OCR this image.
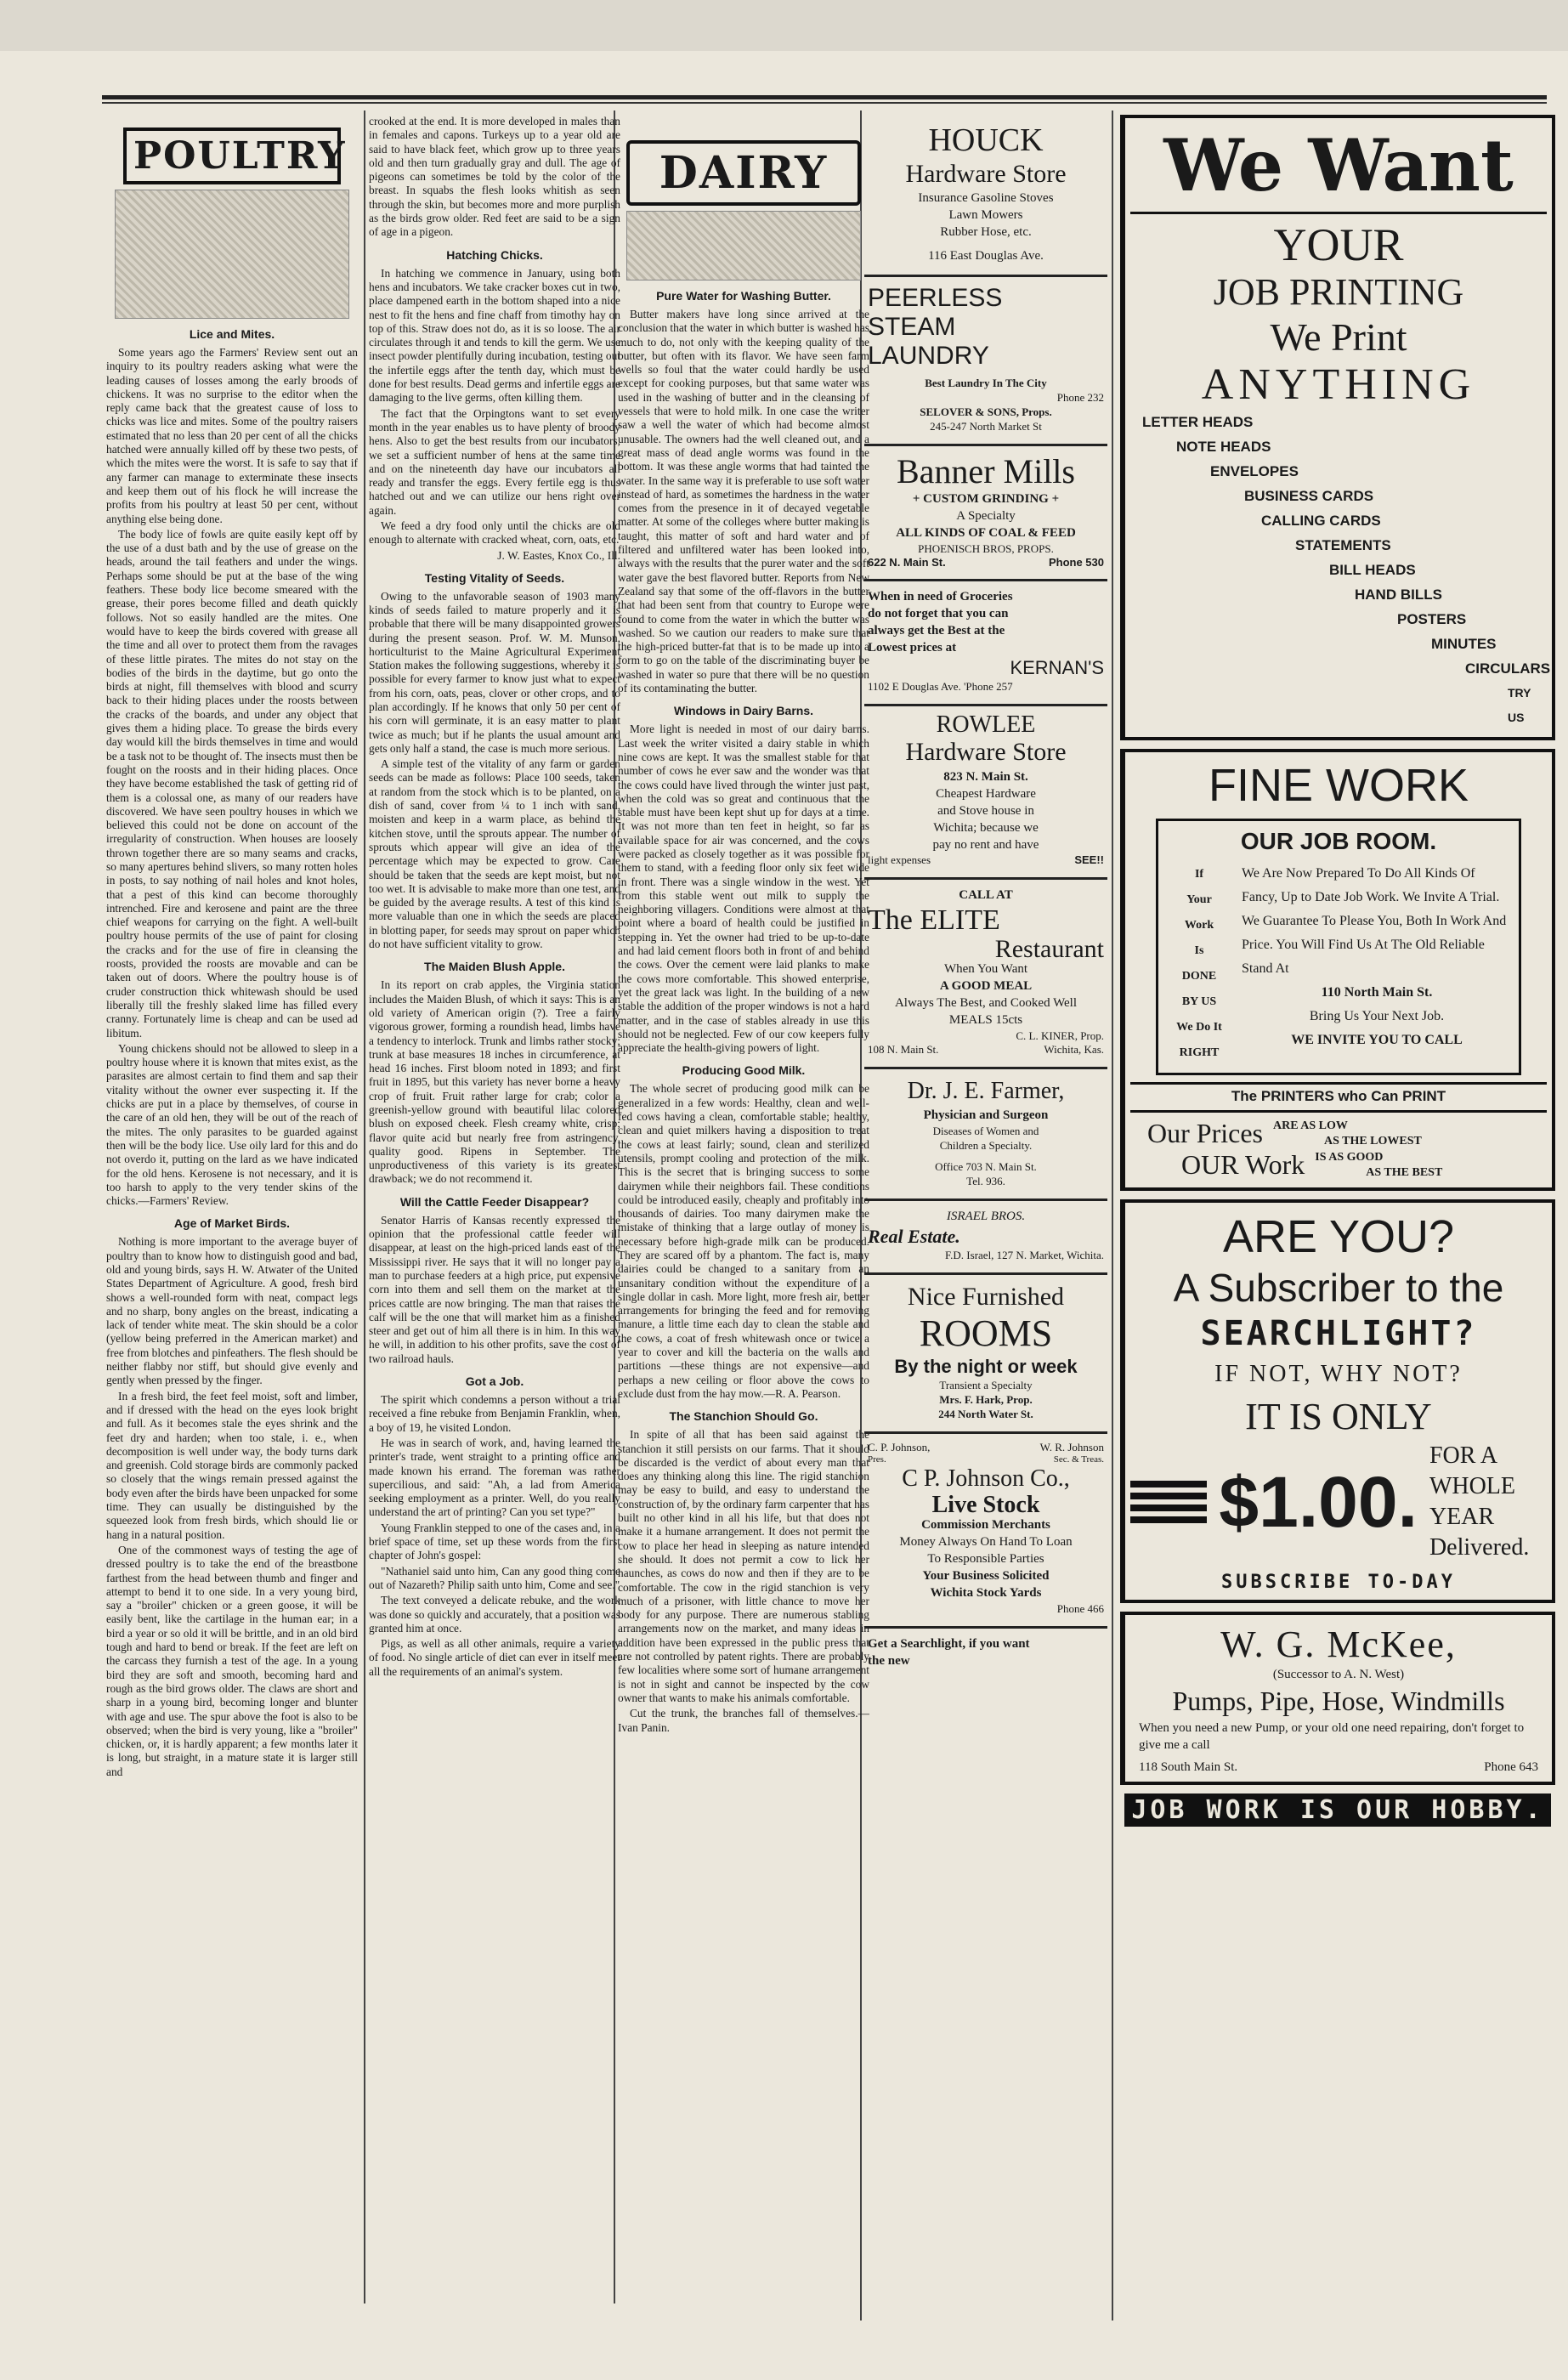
POULTRY
Lice and Mites.

Some years ago the Farmers' Review sent out an inquiry to its poultry readers asking what were the leading causes of losses among the early broods of chickens. It was no surprise to the editor when the reply came back that the greatest cause of loss to chicks was lice and mites. Some of the poultry raisers estimated that no less than 20 per cent of all the chicks hatched were annually killed off by these two pests, of which the mites were the worst. It is safe to say that if any farmer can manage to exterminate these insects and keep them out of his flock he will increase the profits from his poultry at least 50 per cent, without anything else being done.

The body lice of fowls are quite easily kept off by the use of a dust bath and by the use of grease on the heads, around the tail feathers and under the wings. Perhaps some should be put at the base of the wing feathers. These body lice become smeared with the grease, their pores become filled and death quickly follows. Not so easily handled are the mites. One would have to keep the birds covered with grease all the time and all over to protect them from the ravages of these little pirates. The mites do not stay on the bodies of the birds in the daytime, but go onto the birds at night, fill themselves with blood and scurry back to their hiding places under the roosts between the cracks of the boards, and under any object that gives them a hiding place. To grease the birds every day would kill the birds themselves in time and would be a task not to be thought of. The insects must then be fought on the roosts and in their hiding places. Once they have become established the task of getting rid of them is a colossal one, as many of our readers have discovered. We have seen poultry houses in which we believed this could not be done on account of the irregularity of construction. When houses are loosely thrown together there are so many seams and cracks, so many apertures behind slivers, so many rotten holes in posts, to say nothing of nail holes and knot holes, that a pest of this kind can become thoroughly intrenched. Fire and kerosene and paint are the three chief weapons for carrying on the fight. A well-built poultry house permits of the use of paint for closing the cracks and for the use of fire in cleansing the roosts, provided the roosts are movable and can be taken out of doors. Where the poultry house is of cruder construction thick whitewash should be used liberally till the freshly slaked lime has filled every cranny. Fortunately lime is cheap and can be used ad libitum.

Young chickens should not be allowed to sleep in a poultry house where it is known that mites exist, as the parasites are almost certain to find them and sap their vitality without the owner ever suspecting it. If the chicks are put in a place by themselves, of course in the care of an old hen, they will be out of the reach of the mites. The only parasites to be guarded against then will be the body lice. Use oily lard for this and do not overdo it, putting on the lard as we have indicated for the old hens. Kerosene is not necessary, and it is too harsh to apply to the very tender skins of the chicks.—Farmers' Review.

Age of Market Birds.

Nothing is more important to the average buyer of poultry than to know how to distinguish good and bad, old and young birds, says H. W. Atwater of the United States Department of Agriculture. A good, fresh bird shows a well-rounded form with neat, compact legs and no sharp, bony angles on the breast, indicating a lack of tender white meat. The skin should be a color (yellow being preferred in the American market) and free from blotches and pinfeathers. The flesh should be neither flabby nor stiff, but should give evenly and gently when pressed by the finger.

In a fresh bird, the feet feel moist, soft and limber, and if dressed with the head on the eyes look bright and full. As it becomes stale the eyes shrink and the feet dry and harden; when too stale, i. e., when decomposition is well under way, the body turns dark and greenish. Cold storage birds are commonly packed so closely that the wings remain pressed against the body even after the birds have been unpacked for some time. They can usually be distinguished by the squeezed look from fresh birds, which should lie or hang in a natural position.

One of the commonest ways of testing the age of dressed poultry is to take the end of the breastbone farthest from the head between thumb and finger and attempt to bend it to one side. In a very young bird, say a "broiler" chicken or a green goose, it will be easily bent, like the cartilage in the human ear; in a bird a year or so old it will be brittle, and in an old bird tough and hard to bend or break. If the feet are left on the carcass they furnish a test of the age. In a young bird they are soft and smooth, becoming hard and rough as the bird grows older. The claws are short and sharp in a young bird, becoming longer and blunter with age and use. The spur above the foot is also to be observed; when the bird is very young, like a "broiler" chicken, or, it is hardly apparent; a few months later it is long, but straight, in a mature state it is larger still and

crooked at the end. It is more developed in males than in females and capons. Turkeys up to a year old are said to have black feet, which grow up to three years old and then turn gradually gray and dull. The age of pigeons can sometimes be told by the color of the breast. In squabs the flesh looks whitish as seen through the skin, but becomes more and more purplish as the birds grow older. Red feet are said to be a sign of age in a pigeon.

Hatching Chicks.

In hatching we commence in January, using both hens and incubators. We take cracker boxes cut in two, place dampened earth in the bottom shaped into a nice nest to fit the hens and fine chaff from timothy hay on top of this. Straw does not do, as it is so loose. The air circulates through it and tends to kill the germ. We use insect powder plentifully during incubation, testing out the infertile eggs after the tenth day, which must be done for best results. Dead germs and infertile eggs are damaging to the live germs, often killing them.

The fact that the Orpingtons want to set every month in the year enables us to have plenty of broody hens. Also to get the best results from our incubators, we set a sufficient number of hens at the same time and on the nineteenth day have our incubators all ready and transfer the eggs. Every fertile egg is thus hatched out and we can utilize our hens right over again.

We feed a dry food only until the chicks are old enough to alternate with cracked wheat, corn, oats, etc.

J. W. Eastes, Knox Co., Ill.
Testing Vitality of Seeds.

Owing to the unfavorable season of 1903 many kinds of seeds failed to mature properly and it is probable that there will be many disappointed growers during the present season. Prof. W. M. Munson, horticulturist to the Maine Agricultural Experiment Station makes the following suggestions, whereby it is possible for every farmer to know just what to expect from his corn, oats, peas, clover or other crops, and to plan accordingly. If he knows that only 50 per cent of his corn will germinate, it is an easy matter to plant twice as much; but if he plants the usual amount and gets only half a stand, the case is much more serious.

A simple test of the vitality of any farm or garden seeds can be made as follows: Place 100 seeds, taken at random from the stock which is to be planted, on a dish of sand, cover from ¼ to 1 inch with sand, moisten and keep in a warm place, as behind the kitchen stove, until the sprouts appear. The number of sprouts which appear will give an idea of the percentage which may be expected to grow. Care should be taken that the seeds are kept moist, but not too wet. It is advisable to make more than one test, and be guided by the average results. A test of this kind is more valuable than one in which the seeds are placed in blotting paper, for seeds may sprout on paper which do not have sufficient vitality to grow.

The Maiden Blush Apple.

In its report on crab apples, the Virginia station includes the Maiden Blush, of which it says: This is an old variety of American origin (?). Tree a fairly vigorous grower, forming a roundish head, limbs have a tendency to interlock. Trunk and limbs rather stocky; trunk at base measures 18 inches in circumference, at head 16 inches. First bloom noted in 1893; and first fruit in 1895, but this variety has never borne a heavy crop of fruit. Fruit rather large for crab; color a greenish-yellow ground with beautiful lilac colored blush on exposed cheek. Flesh creamy white, crisp; flavor quite acid but nearly free from astringency, quality good. Ripens in September. The unproductiveness of this variety is its greatest drawback; we do not recommend it.

Will the Cattle Feeder Disappear?

Senator Harris of Kansas recently expressed the opinion that the professional cattle feeder will disappear, at least on the high-priced lands east of the Mississippi river. He says that it will no longer pay a man to purchase feeders at a high price, put expensive corn into them and sell them on the market at the prices cattle are now bringing. The man that raises the calf will be the one that will market him as a finished steer and get out of him all there is in him. In this way he will, in addition to his other profits, save the cost of two railroad hauls.

Got a Job.

The spirit which condemns a person without a trial received a fine rebuke from Benjamin Franklin, when, a boy of 19, he visited London.

He was in search of work, and, having learned the printer's trade, went straight to a printing office and made known his errand. The foreman was rather supercilious, and said: "Ah, a lad from America seeking employment as a printer. Well, do you really understand the art of printing? Can you set type?"

Young Franklin stepped to one of the cases and, in a brief space of time, set up these words from the first chapter of John's gospel:

"Nathaniel said unto him, Can any good thing come out of Nazareth? Philip saith unto him, Come and see."

The text conveyed a delicate rebuke, and the work was done so quickly and accurately, that a position was granted him at once.

Pigs, as well as all other animals, require a variety of food. No single article of diet can ever in itself meet all the requirements of an animal's system.

DAIRY
Pure Water for Washing Butter.

Butter makers have long since arrived at the conclusion that the water in which butter is washed has much to do, not only with the keeping quality of the butter, but often with its flavor. We have seen farm wells so foul that the water could hardly be used except for cooking purposes, but that same water was used in the washing of butter and in the cleansing of vessels that were to hold milk. In one case the writer saw a well the water of which had become almost unusable. The owners had the well cleaned out, and a great mass of dead angle worms was found in the bottom. It was these angle worms that had tainted the water. In the same way it is preferable to use soft water instead of hard, as sometimes the hardness in the water comes from the presence in it of decayed vegetable matter. At some of the colleges where butter making is taught, this matter of soft and hard water and of filtered and unfiltered water has been looked into, always with the results that the purer water and the soft water gave the best flavored butter. Reports from New Zealand say that some of the off-flavors in the butter that had been sent from that country to Europe were found to come from the water in which the butter was washed. So we caution our readers to make sure that the high-priced butter-fat that is to be made up into a form to go on the table of the discriminating buyer be washed in water so pure that there will be no question of its contaminating the butter.

Windows in Dairy Barns.

More light is needed in most of our dairy barns. Last week the writer visited a dairy stable in which nine cows are kept. It was the smallest stable for that number of cows he ever saw and the wonder was that the cows could have lived through the winter just past, when the cold was so great and continuous that the stable must have been kept shut up for days at a time. It was not more than ten feet in height, so far as available space for air was concerned, and the cows were packed as closely together as it was possible for them to stand, with a feeding floor only six feet wide in front. There was a single window in the west. Yet from this stable went out milk to supply the neighboring villagers. Conditions were almost at that point where a board of health could be justified in stepping in. Yet the owner had tried to be up-to-date and had laid cement floors both in front of and behind the cows. Over the cement were laid planks to make the cows more comfortable. This showed enterprise, yet the great lack was light. In the building of a new stable the addition of the proper windows is not a hard matter, and in the case of stables already in use this should not be neglected. Few of our cow keepers fully appreciate the health-giving powers of light.

Producing Good Milk.

The whole secret of producing good milk can be generalized in a few words: Healthy, clean and well-fed cows having a clean, comfortable stable; healthy, clean and quiet milkers having a disposition to treat the cows at least fairly; sound, clean and sterilized utensils, prompt cooling and protection of the milk. This is the secret that is bringing success to some dairymen while their neighbors fail. These conditions could be introduced easily, cheaply and profitably into thousands of dairies. Too many dairymen make the mistake of thinking that a large outlay of money is necessary before high-grade milk can be produced. They are scared off by a phantom. The fact is, many dairies could be changed to a sanitary from an unsanitary condition without the expenditure of a single dollar in cash. More light, more fresh air, better arrangements for bringing the feed and for removing manure, a little time each day to clean the stable and the cows, a coat of fresh whitewash once or twice a year to cover and kill the bacteria on the walls and partitions —these things are not expensive—and perhaps a new ceiling or floor above the cows to exclude dust from the hay mow.—R. A. Pearson.

The Stanchion Should Go.

In spite of all that has been said against the stanchion it still persists on our farms. That it should be discarded is the verdict of about every man that does any thinking along this line. The rigid stanchion may be easy to build, and easy to understand the construction of, by the ordinary farm carpenter that has built no other kind in all his life, but that does not make it a humane arrangement. It does not permit the cow to place her head in sleeping as nature intended she should. It does not permit a cow to lick her haunches, as cows do now and then if they are to be comfortable. The cow in the rigid stanchion is very much of a prisoner, with little chance to move her body for any purpose. There are numerous stabling arrangements now on the market, and many ideas in addition have been expressed in the public press that are not controlled by patent rights. There are probably few localities where some sort of humane arrangement is not in sight and cannot be inspected by the cow owner that wants to make his animals comfortable.

Cut the trunk, the branches fall of themselves.—Ivan Panin.

HOUCK
Hardware Store
Insurance Gasoline Stoves
Lawn Mowers
Rubber Hose, etc.
116 East Douglas Ave.
PEERLESS
STEAM
LAUNDRY
Best Laundry In The City
Phone 232
SELOVER & SONS, Props.
245-247 North Market St
Banner Mills
+ CUSTOM GRINDING +
A Specialty
ALL KINDS OF COAL & FEED
PHOENISCH BROS, PROPS.
622 N. Main St.	Phone 530
When in need of Groceries
do not forget that you can
always get the Best at the
Lowest prices at
KERNAN'S
1102 E Douglas Ave. 'Phone 257
ROWLEE
Hardware Store
823 N. Main St.
Cheapest Hardware
and Stove house in
Wichita; because we
pay no rent and have
light expenses	SEE!!
CALL AT
The ELITE
Restaurant
When You Want
A GOOD MEAL
Always The Best, and Cooked Well
MEALS 15cts
C. L. KINER, Prop.
108 N. Main St.	Wichita, Kas.
Dr. J. E. Farmer,
Physician and Surgeon
Diseases of Women and
Children a Specialty.
Office 703 N. Main St.
Tel. 936.
ISRAEL BROS.
Real Estate.
F.D. Israel, 127 N. Market, Wichita.
Nice Furnished
ROOMS
By the night or week
Transient a Specialty
Mrs. F. Hark, Prop.
244 North Water St.
C. P. Johnson,	W. R. Johnson
Pres.	Sec. & Treas.
C P. Johnson Co.,
Live Stock
Commission Merchants
Money Always On Hand To Loan
To Responsible Parties
Your Business Solicited
Wichita Stock Yards
Phone 466
Get a Searchlight, if you want
the new
We Want
YOUR
JOB PRINTING
We Print
ANYTHING
LETTER HEADS
NOTE HEADS
ENVELOPES
BUSINESS CARDS
CALLING CARDS
STATEMENTS
BILL HEADS
HAND BILLS
POSTERS
MINUTES
CIRCULARS
TRY US
FINE WORK
OUR JOB ROOM.
If
Your
Work
Is
DONE
BY US
We Do It
RIGHT
We Are Now Prepared To Do All Kinds Of Fancy, Up to Date Job Work. We Invite A Trial.
We Guarantee To Please You, Both In Work And Price. You Will Find Us At The Old Reliable Stand At
110 North Main St.
Bring Us Your Next Job.
WE INVITE YOU TO CALL
The PRINTERS who Can PRINT
Our Prices ARE AS LOW
AS THE LOWEST
OUR Work IS AS GOOD
AS THE BEST
ARE YOU?
A Subscriber to the
SEARCHLIGHT?
IF NOT, WHY NOT?
IT IS ONLY
$1.00.
FOR A
WHOLE YEAR
Delivered.
SUBSCRIBE TO-DAY
W. G. McKee,
(Successor to A. N. West)
Pumps, Pipe, Hose, Windmills
When you need a new Pump, or your old one need repairing, don't forget to give me a call
118 South Main St.	Phone 643
JOB WORK IS OUR HOBBY.
